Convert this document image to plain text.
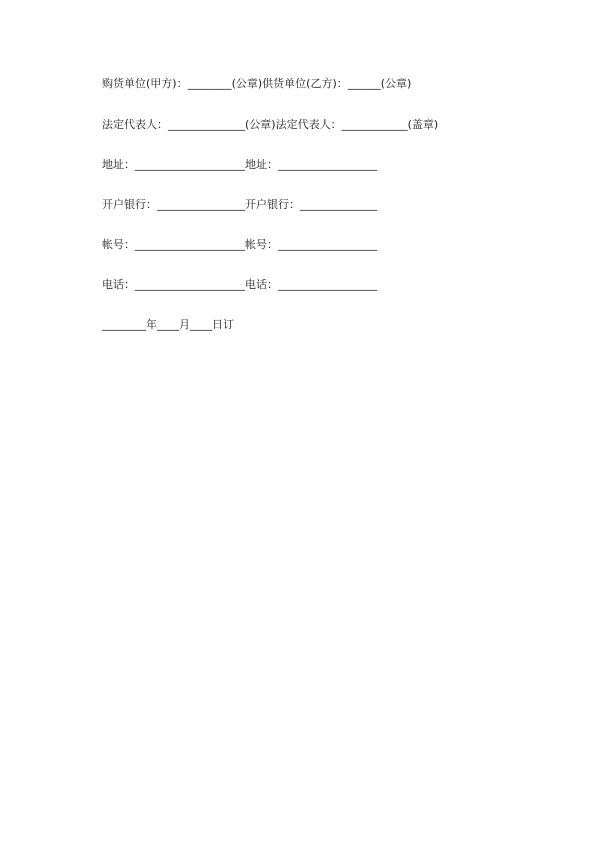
购货单位(甲方)：________(公章)供货单位(乙方)：______(公章)
法定代表人：______________(公章)法定代表人：____________(盖章)
地址：____________________地址：__________________
开户银行：________________开户银行：______________
帐号：____________________帐号：__________________
电话：____________________电话：__________________
________年____月____日订
